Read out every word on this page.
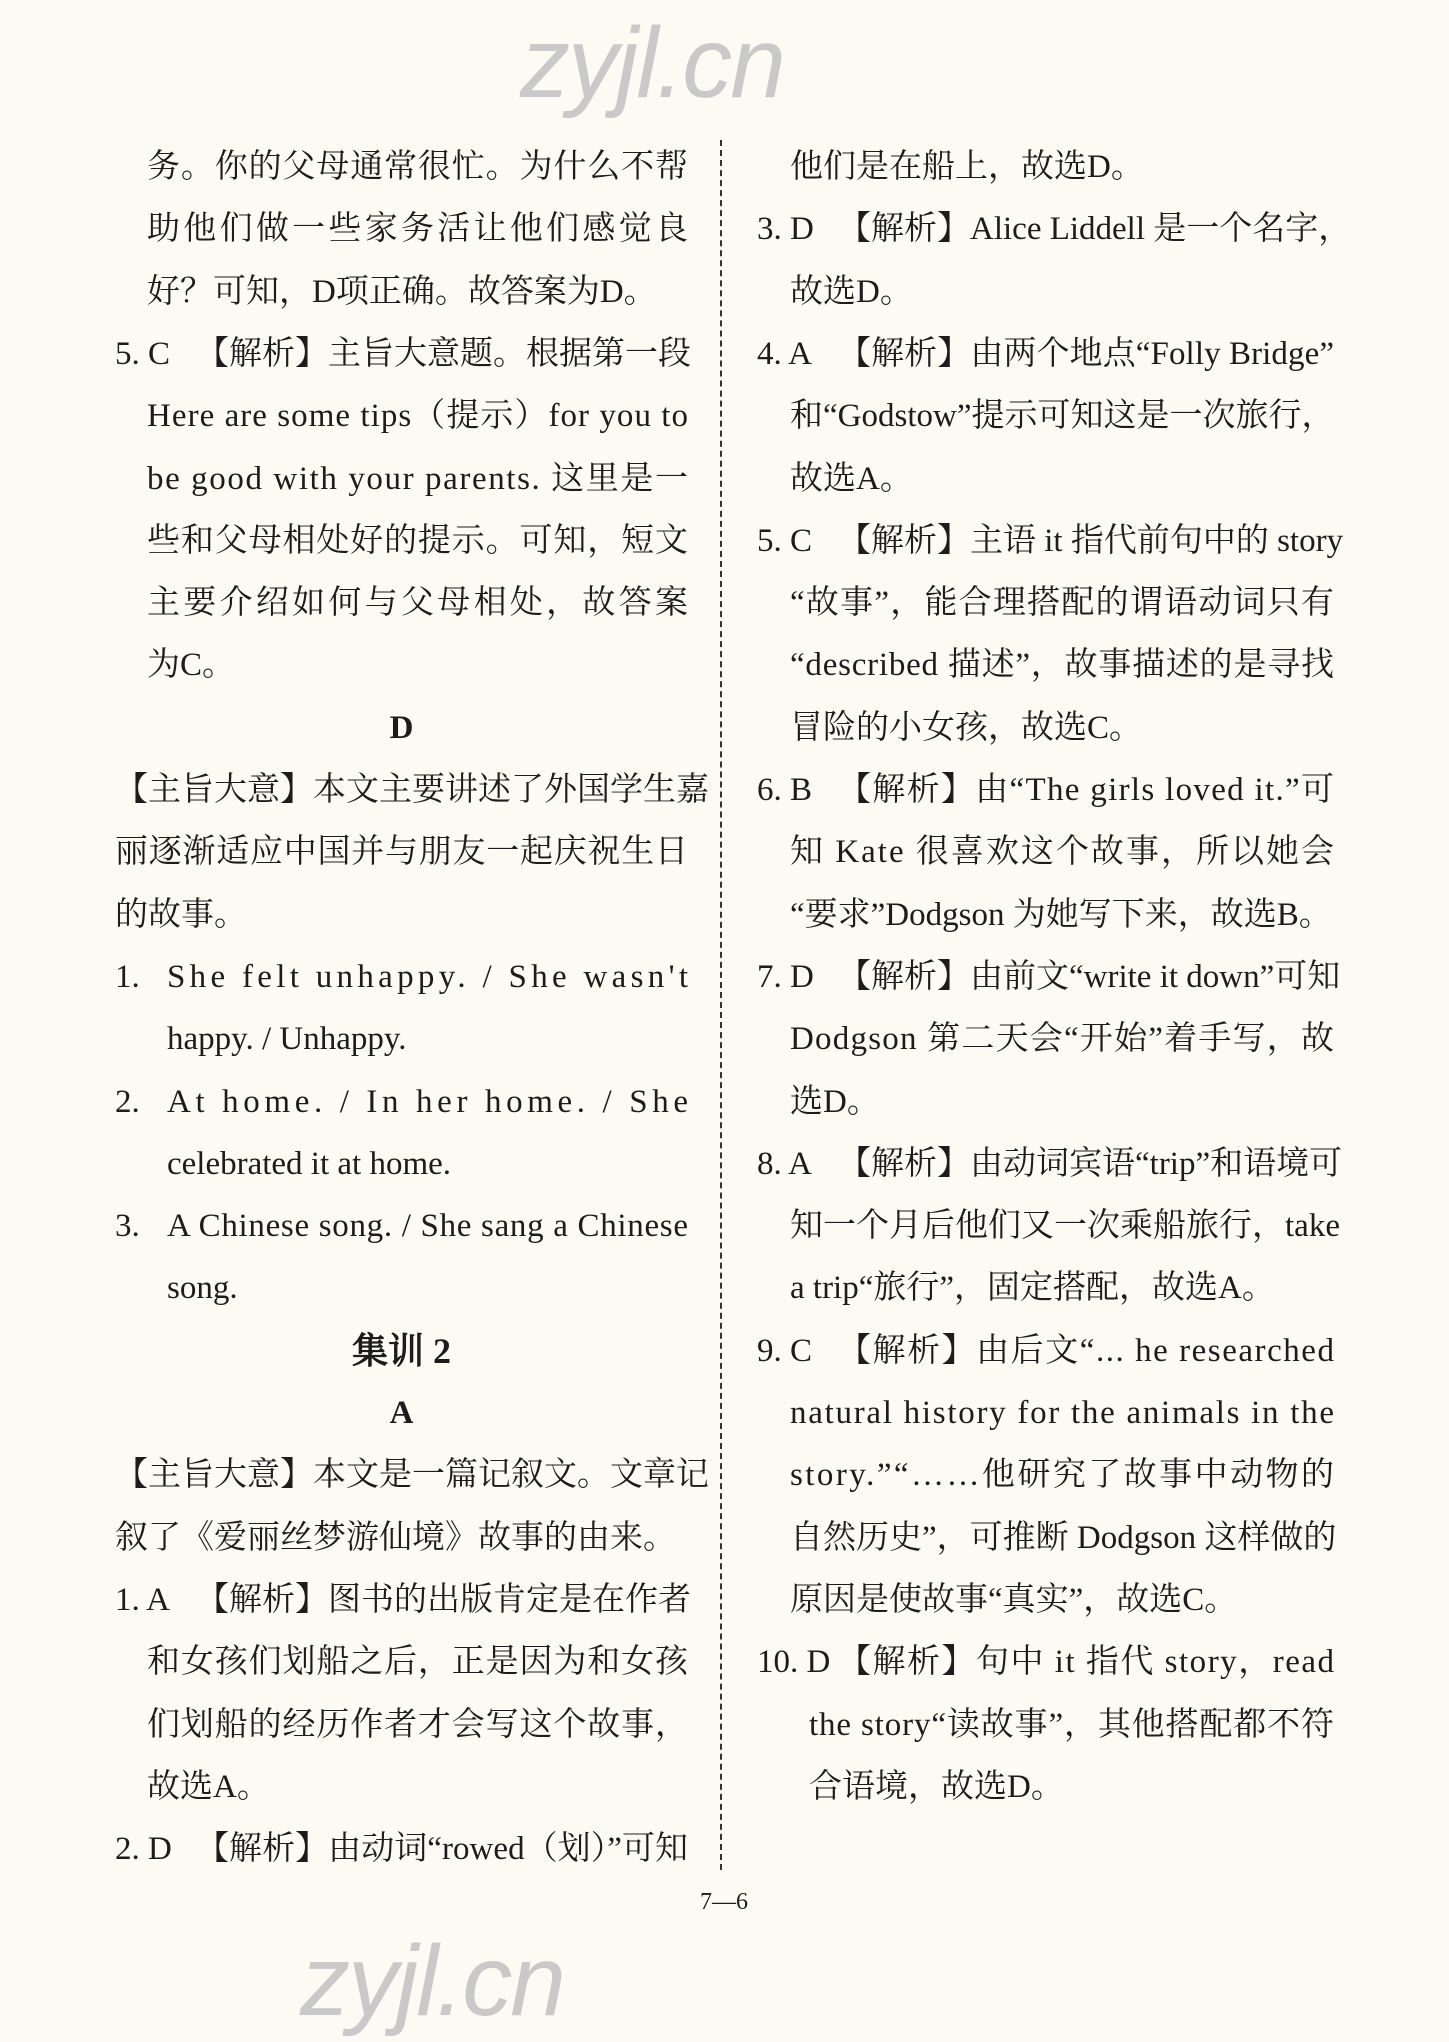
zyjl.cn
务。你的父母通常很忙。为什么不帮
助他们做一些家务活让他们感觉良
好？可知，D项正确。故答案为D。
5. C 【解析】主旨大意题。根据第一段
Here are some tips（提示）for you to
be good with your parents. 这里是一
些和父母相处好的提示。可知，短文
主要介绍如何与父母相处，故答案
为C。
D
【主旨大意】本文主要讲述了外国学生嘉
丽逐渐适应中国并与朋友一起庆祝生日
的故事。
1. She felt unhappy. / She wasn't
happy. / Unhappy.
2. At home. / In her home. / She
celebrated it at home.
3. A Chinese song. / She sang a Chinese
song.
集训 2
A
【主旨大意】本文是一篇记叙文。文章记
叙了《爱丽丝梦游仙境》故事的由来。
1. A 【解析】图书的出版肯定是在作者
和女孩们划船之后，正是因为和女孩
们划船的经历作者才会写这个故事，
故选A。
2. D 【解析】由动词“rowed（划）”可知
他们是在船上，故选D。
3. D 【解析】Alice Liddell 是一个名字，
故选D。
4. A 【解析】由两个地点“Folly Bridge”
和“Godstow”提示可知这是一次旅行，
故选A。
5. C 【解析】主语 it 指代前句中的 story
“故事”，能合理搭配的谓语动词只有
“described 描述”，故事描述的是寻找
冒险的小女孩，故选C。
6. B 【解析】由“The girls loved it.”可
知 Kate 很喜欢这个故事，所以她会
“要求”Dodgson 为她写下来，故选B。
7. D 【解析】由前文“write it down”可知
Dodgson 第二天会“开始”着手写，故
选D。
8. A 【解析】由动词宾语“trip”和语境可
知一个月后他们又一次乘船旅行，take
a trip“旅行”，固定搭配，故选A。
9. C 【解析】由后文“... he researched
natural history for the animals in the
story.”“……他研究了故事中动物的
自然历史”，可推断 Dodgson 这样做的
原因是使故事“真实”，故选C。
10. D 【解析】句中 it 指代 story，read
the story“读故事”，其他搭配都不符
合语境，故选D。
7—6
zyjl.cn
